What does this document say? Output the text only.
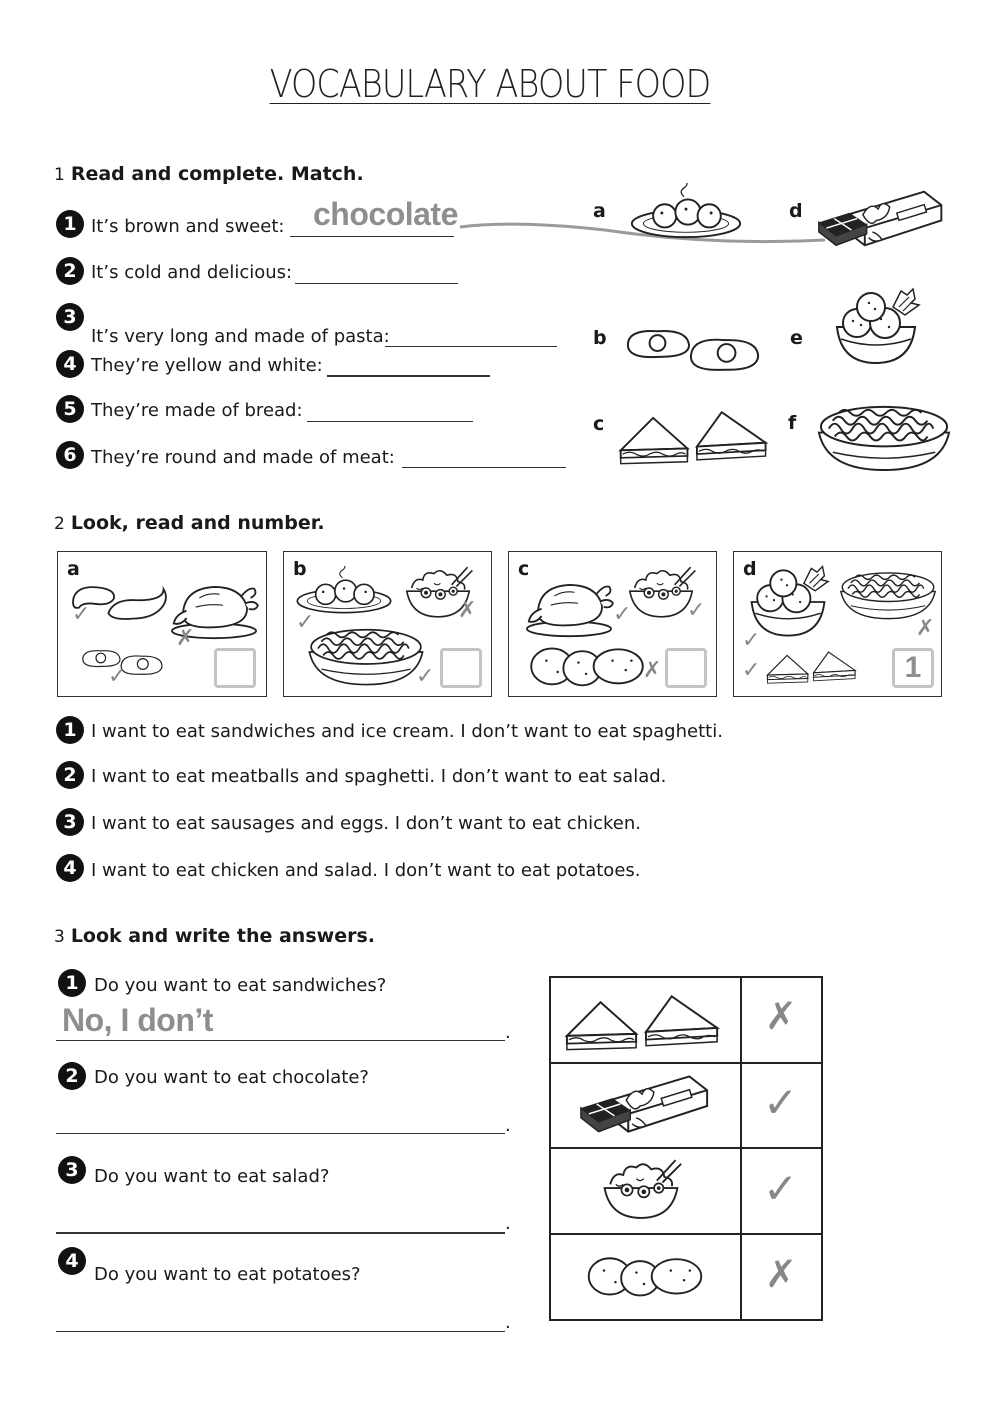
VOCABULARY ABOUT FOOD
1 Read and complete. Match.
1 It’s brown and sweet: chocolate
2 It’s cold and delicious:
3
It’s very long and made of pasta:
4 They’re yellow and white:
5 They’re made of bread:
6 They’re round and made of meat:
a	d
b	e
c	f
2 Look, read and number.
a
✓
✗
✓
b
✓	✗
✓
c
✓	✓
✗
d
✓	✗
✓	1
1 I want to eat sandwiches and ice cream. I don’t want to eat spaghetti.
2 I want to eat meatballs and spaghetti. I don’t want to eat salad.
3 I want to eat sausages and eggs. I don’t want to eat chicken.
4 I want to eat chicken and salad. I don’t want to eat potatoes.
3 Look and write the answers.
1 Do you want to eat sandwiches?
No, I don’t	.
2 Do you want to eat chocolate?
.
3 Do you want to eat salad?
.
4
Do you want to eat potatoes?
.
✗
✓
✓
✗
